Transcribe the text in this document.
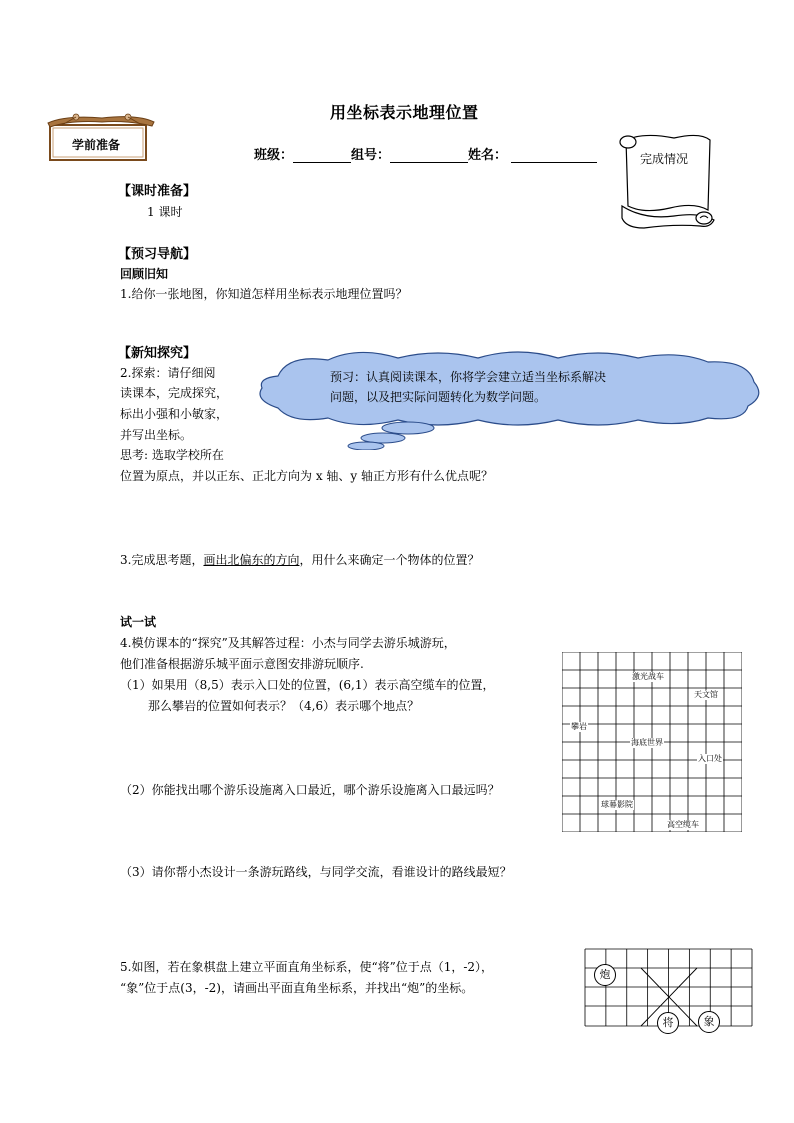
学前准备
用坐标表示地理位置
班级：	组号：	姓名：	完成情况
【课时准备】
1 课时
【预习导航】
回顾旧知
1.给你一张地图，你知道怎样用坐标表示地理位置吗？
【新知探究】
2.探索：请仔细阅
读课本，完成探究，
标出小强和小敏家，
并写出坐标。
思考: 选取学校所在
位置为原点，并以正东、正北方向为 x 轴、y 轴正方形有什么优点呢？
预习：认真阅读课本，你将学会建立适当坐标系解决
问题，以及把实际问题转化为数学问题。
3.完成思考题，画出北偏东的方向，用什么来确定一个物体的位置？
试一试
4.模仿课本的“探究”及其解答过程：小杰与同学去游乐城游玩，
他们准备根据游乐城平面示意图安排游玩顺序.
（1）如果用（8,5）表示入口处的位置，(6,1）表示高空缆车的位置，
那么攀岩的位置如何表示？（4,6）表示哪个地点？
（2）你能找出哪个游乐设施离入口最近，哪个游乐设施离入口最远吗？
（3）请你帮小杰设计一条游玩路线，与同学交流，看谁设计的路线最短？
激光战车
天文馆
攀岩
海底世界
入口处
球幕影院
高空缆车
5.如图，若在象棋盘上建立平面直角坐标系，使“将”位于点（1，-2），
“象”位于点(3，-2)，请画出平面直角坐标系，并找出“炮”的坐标。
炮
将	象
